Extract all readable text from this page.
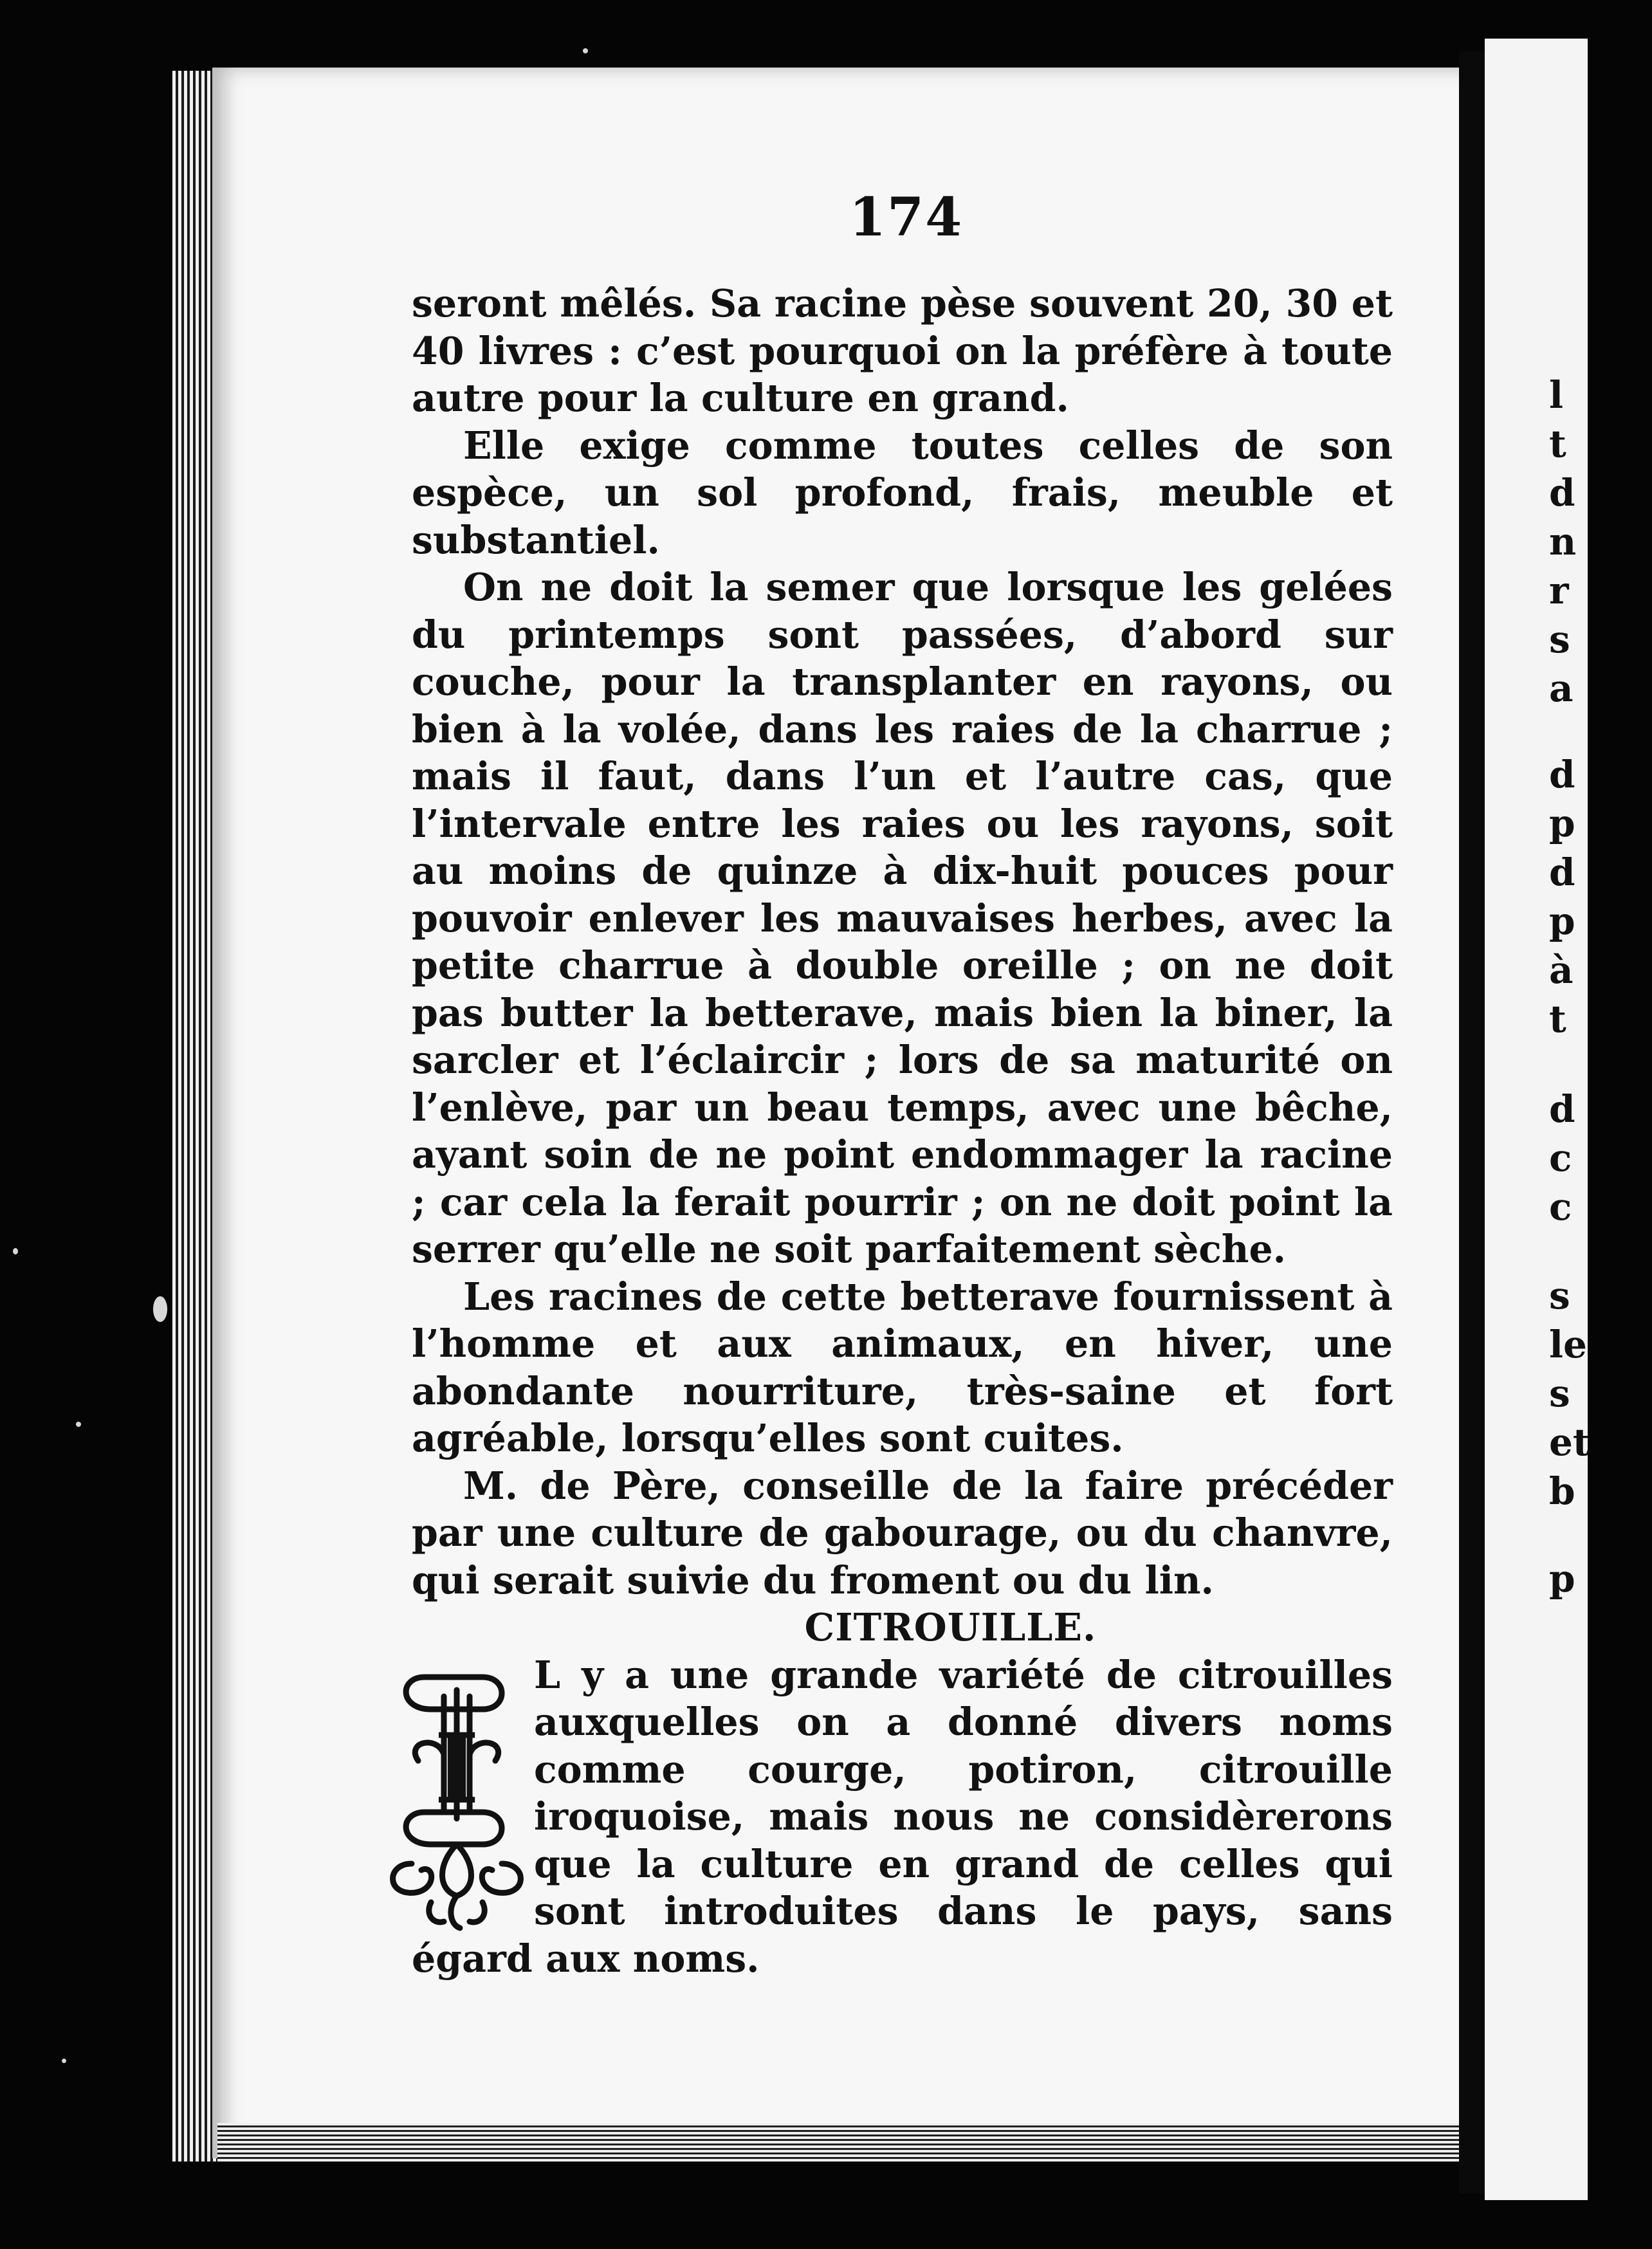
l
t
d
n
r
s
a
d
p
d
p
à
t
d
c
c
s
le
s
et
b
p

174

seront mêlés. Sa racine pèse souvent 20, 30 et 40 livres : c’est pourquoi on la préfère à toute autre pour la culture en grand.

Elle exige comme toutes celles de son espèce, un sol profond, frais, meuble et substantiel.

On ne doit la semer que lorsque les gelées du printemps sont passées, d’abord sur couche, pour la transplanter en rayons, ou bien à la volée, dans les raies de la charrue ; mais il faut, dans l’un et l’autre cas, que l’intervale entre les raies ou les rayons, soit au moins de quinze à dix-huit pouces pour pouvoir enlever les mauvaises herbes, avec la petite charrue à double oreille ; on ne doit pas butter la betterave, mais bien la biner, la sarcler et l’éclaircir ; lors de sa maturité on l’enlève, par un beau temps, avec une bêche, ayant soin de ne point endommager la racine ; car cela la ferait pourrir ; on ne doit point la serrer qu’elle ne soit parfaitement sèche.

Les racines de cette betterave fournissent à l’homme et aux animaux, en hiver, une abondante nourriture, très-saine et fort agréable, lorsqu’elles sont cuites.

M. de Père, conseille de la faire précéder par une culture de gabourage, ou du chanvre, qui serait suivie du froment ou du lin.

CITROUILLE.

I

L y a une grande variété de citrouilles auxquelles on a donné divers noms comme courge, potiron, citrouille iroquoise, mais nous ne considèrerons que la culture en grand de celles qui sont introduites dans le pays, sans égard aux noms.
